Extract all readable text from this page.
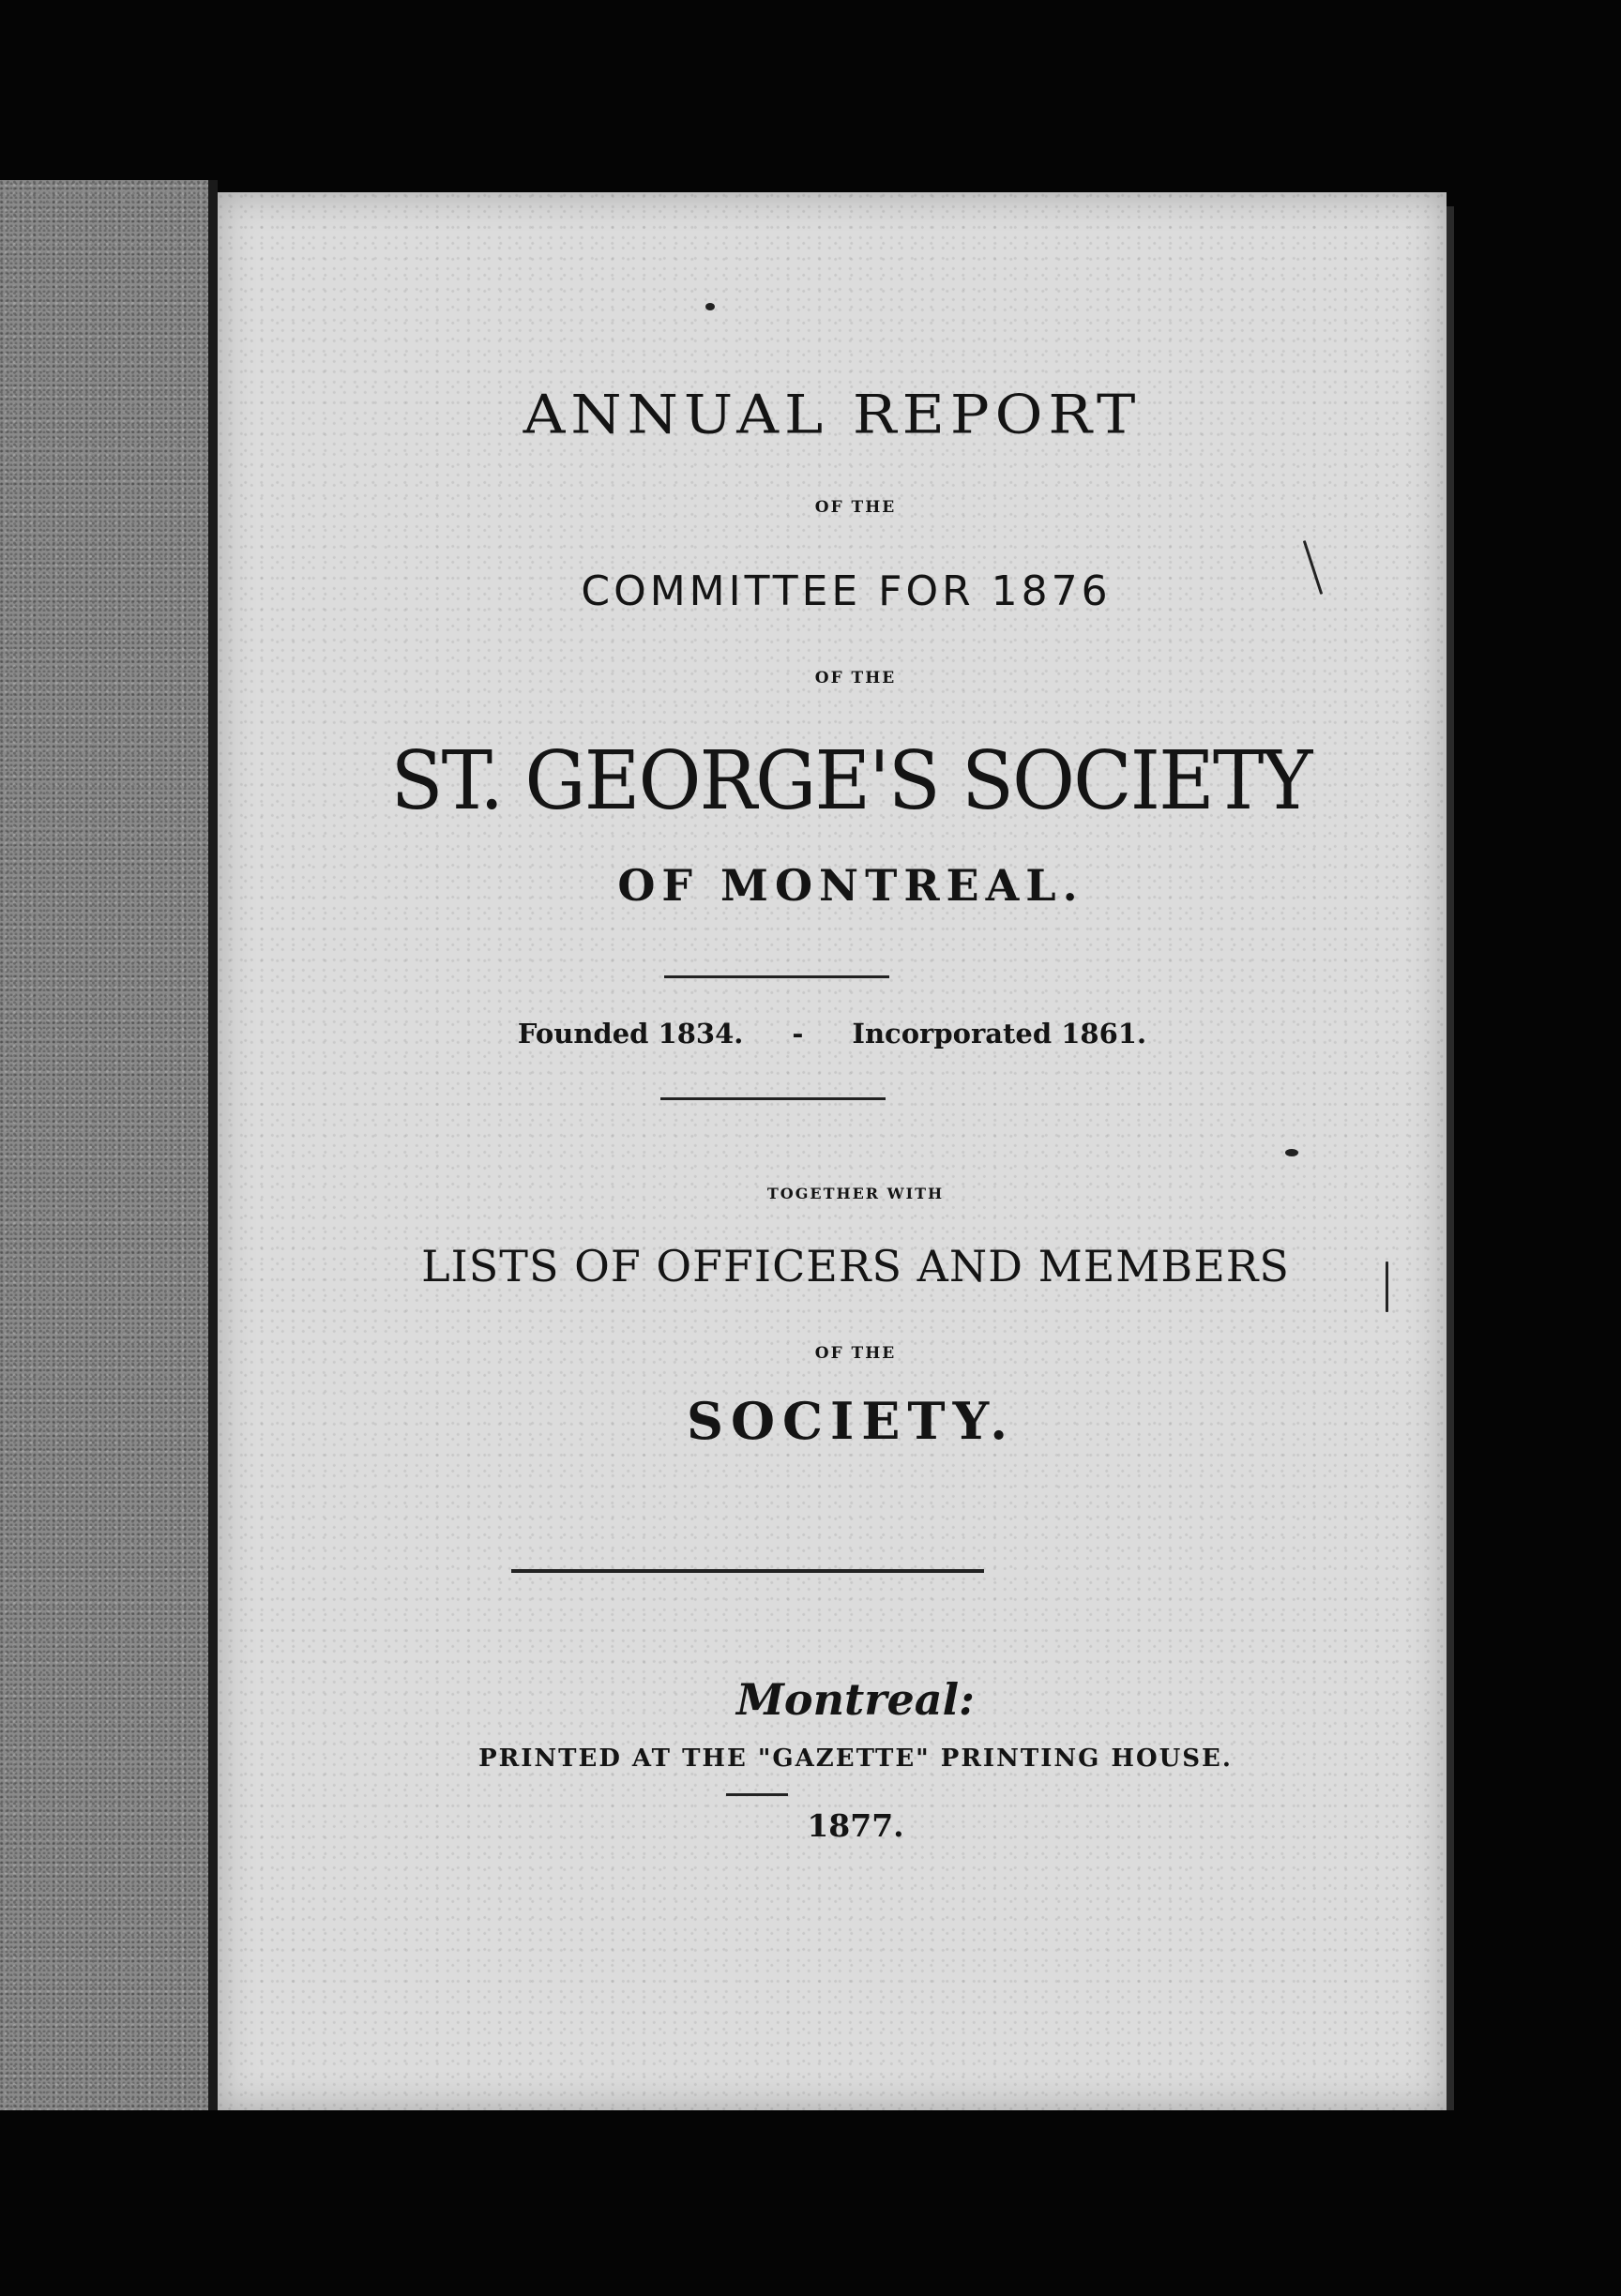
ANNUAL REPORT
OF THE
COMMITTEE FOR 1876
OF THE
ST. GEORGE'S SOCIETY
OF MONTREAL.
Founded 1834. - Incorporated 1861.
TOGETHER WITH
LISTS OF OFFICERS AND MEMBERS
OF THE
SOCIETY.
Montreal:
PRINTED AT THE "GAZETTE" PRINTING HOUSE.
1877.
